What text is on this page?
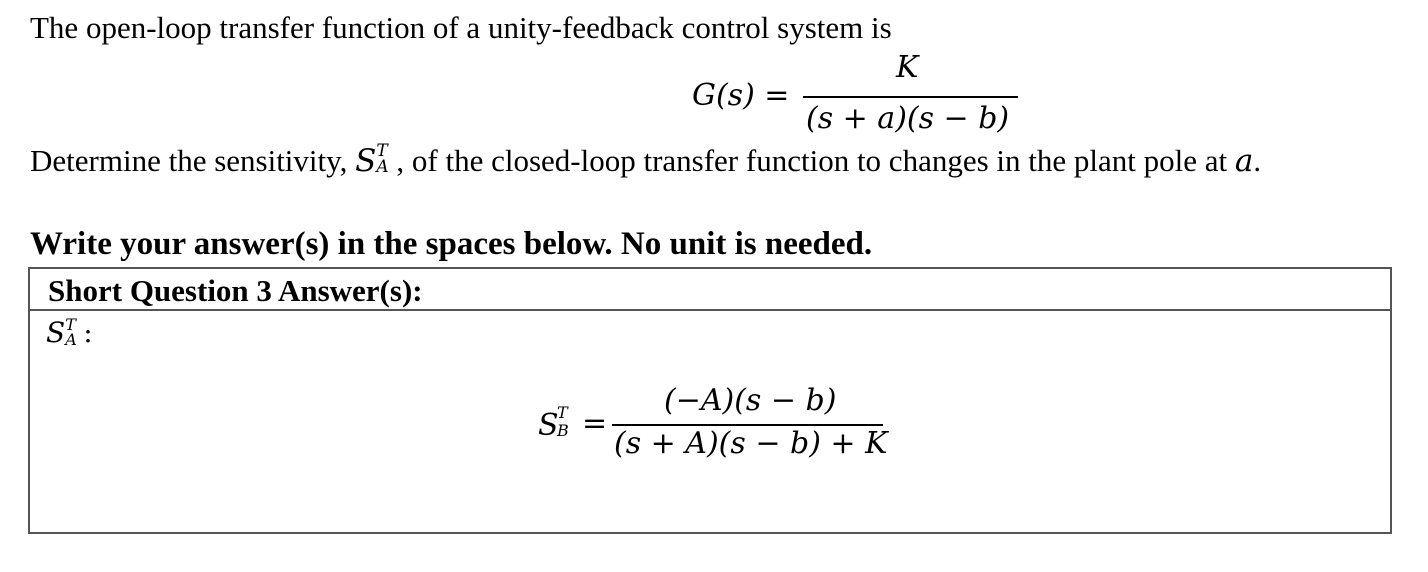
The open-loop transfer function of a unity-feedback control system is
G(s) =
K
(s + a)(s − b)
Determine the sensitivity, S T
A , of the closed-loop transfer function to changes in the plant pole at a.
Write your answer(s) in the spaces below. No unit is needed.
Short Question 3 Answer(s):
S T
A :
S
T
B =
(−A)(s − b)
(s + A)(s − b) + K
